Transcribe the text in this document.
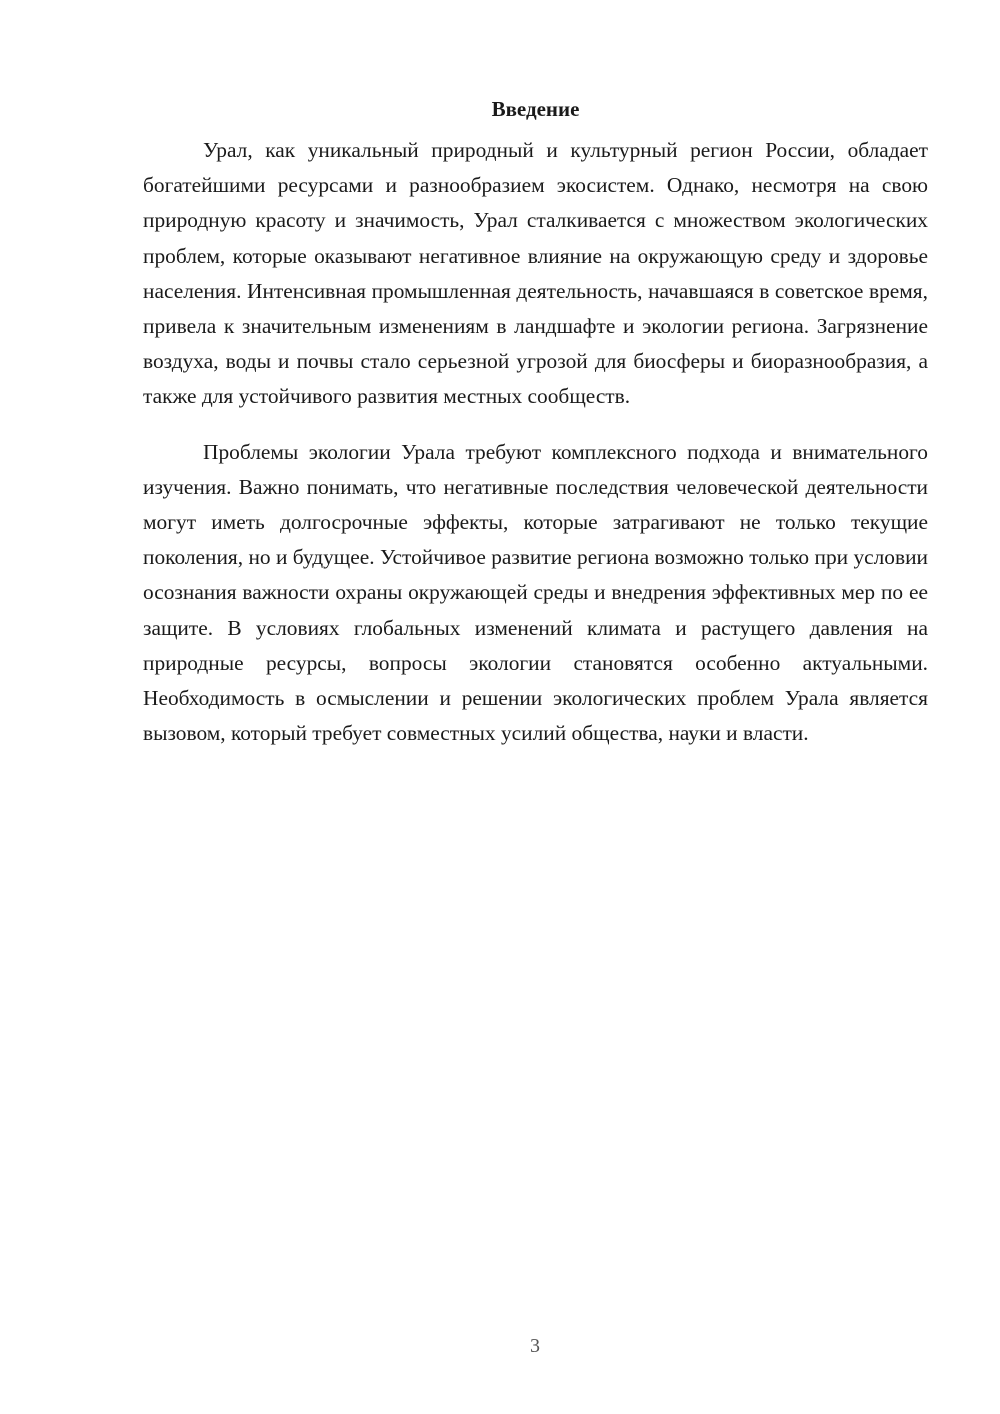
Введение

Урал, как уникальный природный и культурный регион России, обладает богатейшими ресурсами и разнообразием экосистем. Однако, несмотря на свою природную красоту и значимость, Урал сталкивается с множеством экологических проблем, которые оказывают негативное влияние на окружающую среду и здоровье населения. Интенсивная промышленная деятельность, начавшаяся в советское время, привела к значительным изменениям в ландшафте и экологии региона. Загрязнение воздуха, воды и почвы стало серьезной угрозой для биосферы и биоразнообразия, а также для устойчивого развития местных сообществ.

Проблемы экологии Урала требуют комплексного подхода и внимательного изучения. Важно понимать, что негативные последствия человеческой деятельности могут иметь долгосрочные эффекты, которые затрагивают не только текущие поколения, но и будущее. Устойчивое развитие региона возможно только при условии осознания важности охраны окружающей среды и внедрения эффективных мер по ее защите. В условиях глобальных изменений климата и растущего давления на природные ресурсы, вопросы экологии становятся особенно актуальными. Необходимость в осмыслении и решении экологических проблем Урала является вызовом, который требует совместных усилий общества, науки и власти.

3
